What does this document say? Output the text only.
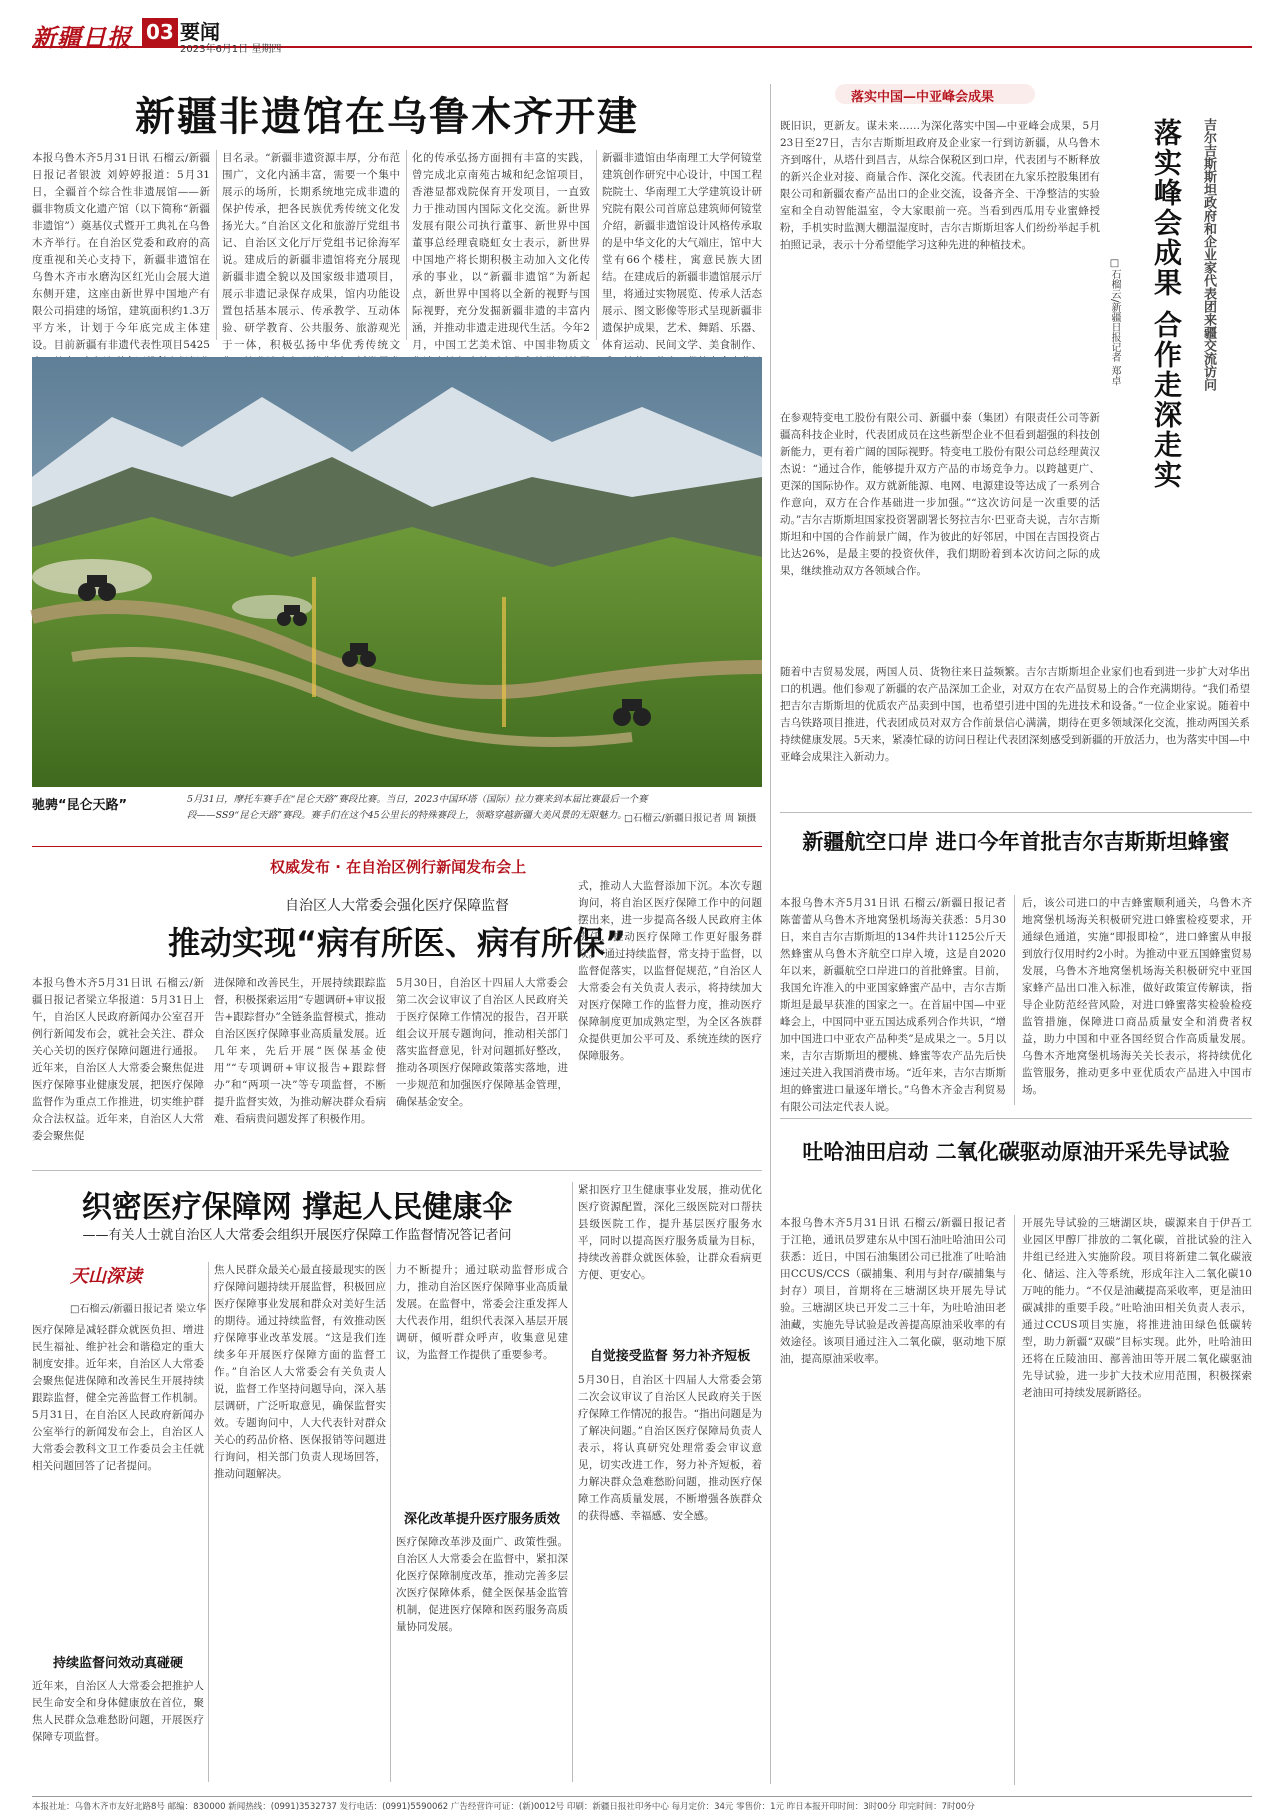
新疆日报 03 要闻
2023年6月1日 星期四
新疆非遗馆在乌鲁木齐开建
本报乌鲁木齐5月31日讯 石榴云/新疆日报记者银波 刘婷婷报道：5月31日，全疆首个综合性非遗展馆——新疆非物质文化遗产馆（以下简称“新疆非遗馆”）奠基仪式暨开工典礼在乌鲁木齐举行。在自治区党委和政府的高度重视和关心支持下，新疆非遗馆在乌鲁木齐市水磨沟区红光山会展大道东侧开建，这座由新世界中国地产有限公司捐建的场馆，建筑面积约1.3万平方米，计划于今年底完成主体建设。目前新疆有非遗代表性项目5425
目名录。“新疆非遗资源丰厚，分布范围广，文化内涵丰富，需要一个集中展示的场所，长期系统地完成非遗的保护传承，把各民族优秀传统文化发扬光大。”自治区文化和旅游厅党组书记、自治区文化厅厅党组书记徐海军说。建成后的新疆非遗馆将充分展现新疆非遗全貌以及国家级非遗项目，展示非遗记录保存成果，馆内功能设置包括基本展示、传承教学、互动体验、研学教育、公共服务、旅游观光于一体，积极弘扬中华优秀传统文
化的传承弘扬方面拥有丰富的实践，曾完成北京南苑古城和纪念馆项目，香港显都戏院保育开发项目，一直致力于推动国内国际文化交流。新世界发展有限公司执行董事、新世界中国董事总经理袁晓虹女士表示，新世界中国地产将长期积极主动加入文化传承的事业，以“新疆非遗馆”为新起点，新世界中国将以全新的视野与国际视野，充分发掘新疆非遗的丰富内涵，并推动非遗走进现代生活。今年2月，中国工艺美术馆、中国非物质文
新疆非遗馆由华南理工大学何镜堂建筑创作研究中心设计，中国工程院院士、华南理工大学建筑设计研究院有限公司首席总建筑师何镜堂介绍，新疆非遗馆设计风格传承取的是中华文化的大气端庄，馆中大堂有66个楼柱，寓意民族大团结。在建成后的新疆非遗馆展示厅里，将通过实物展览、传承人活态展示、图文影像等形式呈现新疆非遗保护成果，艺术、舞蹈、乐器、体育运动、民间文学、美食制作、
驰骋“昆仑天路”	5月31日，摩托车赛手在“昆仑天路”赛段比赛。当日，2023中国环塔（国际）拉力赛来到本届比赛最后一个赛段——SS9“昆仑天路”赛段。赛手们在这个45公里长的特殊赛段上，领略穿越新疆大美风景的无限魅力。
□石榴云/新疆日报记者 周 颖摄
落实中国—中亚峰会成果
吉尔吉斯斯坦政府和企业家代表团来疆交流访问
落实峰会成果 合作走深走实
□石榴云/新疆日报记者 郑卓
既旧识，更新友。谋未来……为深化落实中国—中亚峰会成果，5月23日至27日，吉尔吉斯斯坦政府及企业家一行到访新疆，从乌鲁木齐到喀什，从塔什到昌吉，从综合保税区到口岸，代表团与不断释放的新兴企业对接、商量合作、深化交流。代表团在九家乐控股集团有限公司和新疆农畜产品出口的企业交流，设备齐全、干净整洁的实验室和全自动智能温室，令大家眼前一亮。当看到西瓜用专业蜜蜂授粉，手机实时监测大棚温湿度时，吉尔吉斯斯坦客人们纷纷举起手机拍照记录，表示十分希望能学习这种先进的种植技术。
在参观特变电工股份有限公司、新疆中泰（集团）有限责任公司等新疆高科技企业时，代表团成员在这些新型企业不但看到超强的科技创新能力，更有着广阔的国际视野。特变电工股份有限公司总经理黄汉杰说：“通过合作，能够提升双方产品的市场竞争力。以跨越更广、更深的国际协作。双方就新能源、电网、电源建设等达成了一系列合作意向，双方在合作基础进一步加强。”“这次访问是一次重要的活动。”吉尔吉斯斯坦国家投资署副署长努拉吉尔·巴亚奇夫说，吉尔吉斯斯坦和中国的合作前景广阔，作为彼此的好邻居，中国在吉国投资占比达26%，是最主要的投资伙伴，我们期盼着到本次访问之际的成果，继续推动双方各领域合作。
随着中吉贸易发展，两国人员、货物往来日益频繁。吉尔吉斯斯坦企业家们也看到进一步扩大对华出口的机遇。他们参观了新疆的农产品深加工企业，对双方在农产品贸易上的合作充满期待。“我们希望把吉尔吉斯斯坦的优质农产品卖到中国，也希望引进中国的先进技术和设备。”一位企业家说。随着中吉乌铁路项目推进，代表团成员对双方合作前景信心满满，期待在更多领域深化交流，推动两国关系持续健康发展。5天来，紧凑忙碌的访问日程让代表团深刻感受到新疆的开放活力，也为落实中国—中亚峰会成果注入新动力。
新疆航空口岸 进口今年首批吉尔吉斯斯坦蜂蜜
本报乌鲁木齐5月31日讯 石榴云/新疆日报记者陈蕾蕾从乌鲁木齐地窝堡机场海关获悉：5月30日，来自吉尔吉斯斯坦的134件共计1125公斤天然蜂蜜从乌鲁木齐航空口岸入境，这是自2020年以来，新疆航空口岸进口的首批蜂蜜。目前，我国允许准入的中亚国家蜂蜜产品中，吉尔吉斯斯坦是最早获准的国家之一。在首届中国—中亚峰会上，中国同中亚五国达成系列合作共识，“增加中国进口中亚农产品种类”是成果之一。5月以来，吉尔吉斯斯坦的樱桃、蜂蜜等农产品先后快速过关进入我国消费市场。“近年来，吉尔吉斯斯坦的蜂蜜进口量逐年增长。”乌鲁木齐金吉利贸易有限公司法定代表人说。
后，该公司进口的中吉蜂蜜顺利通关，乌鲁木齐地窝堡机场海关积极研究进口蜂蜜检疫要求，开通绿色通道，实施“即报即检”，进口蜂蜜从申报到放行仅用时约2小时。为推动中亚五国蜂蜜贸易发展，乌鲁木齐地窝堡机场海关积极研究中亚国家蜂产品出口准入标准，做好政策宣传解读，指导企业防范经营风险，对进口蜂蜜落实检验检疫监管措施，保障进口商品质量安全和消费者权益，助力中国和中亚各国经贸合作高质量发展。乌鲁木齐地窝堡机场海关关长表示，将持续优化监管服务，推动更多中亚优质农产品进入中国市场。
吐哈油田启动 二氧化碳驱动原油开采先导试验
本报乌鲁木齐5月31日讯 石榴云/新疆日报记者于江艳，通讯员罗建东从中国石油吐哈油田公司获悉：近日，中国石油集团公司已批准了吐哈油田CCUS/CCS（碳捕集、利用与封存/碳捕集与封存）项目，首期将在三塘湖区块开展先导试验。三塘湖区块已开发二三十年，为吐哈油田老油藏，实施先导试验是改善提高原油采收率的有效途径。该项目通过注入二氧化碳，驱动地下原油，提高原油采收率。
开展先导试验的三塘湖区块，碳源来自于伊吾工业园区甲醇厂排放的二氧化碳，首批试验的注入井组已经进入实施阶段。项目将新建二氧化碳液化、储运、注入等系统，形成年注入二氧化碳10万吨的能力。“不仅是油藏提高采收率，更是油田碳减排的重要手段。”吐哈油田相关负责人表示，通过CCUS项目实施，将推进油田绿色低碳转型，助力新疆“双碳”目标实现。此外，吐哈油田还将在丘陵油田、鄯善油田等开展二氧化碳驱油先导试验，进一步扩大技术应用范围，积极探索老油田可持续发展新路径。
权威发布 · 在自治区例行新闻发布会上
自治区人大常委会强化医疗保障监督
推动实现“病有所医、病有所保”
本报乌鲁木齐5月31日讯 石榴云/新疆日报记者梁立华报道：5月31日上午，自治区人民政府新闻办公室召开例行新闻发布会，就社会关注、群众关心关切的医疗保障问题进行通报。近年来，自治区人大常委会聚焦促进医疗保障事业健康发展，把医疗保障监督作为重点工作推进，切实维护群众合法权益。近年来，自治区人大常委会聚焦促
进保障和改善民生，开展持续跟踪监督，积极探索运用“专题调研+审议报告+跟踪督办”全链条监督模式，推动自治区医疗保障事业高质量发展。近几年来，先后开展“医保基金使用”“专项调研+审议报告+跟踪督办”和“两项一决”等专项监督，不断提升监督实效，为推动解决群众看病难、看病贵问题发挥了积极作用。
5月30日，自治区十四届人大常委会第二次会议审议了自治区人民政府关于医疗保障工作情况的报告，召开联组会议开展专题询问，推动相关部门落实监督意见，针对问题抓好整改，推动各项医疗保障政策落实落地，进一步规范和加强医疗保障基金管理，确保基金安全。
式，推动人大监督添加下沉。本次专题询问，将自治区医疗保障工作中的问题摆出来，进一步提高各级人民政府主体责任，推动医疗保障工作更好服务群众。“通过持续监督，常支持于监督，以监督促落实，以监督促规范，”自治区人大常委会有关负责人表示，将持续加大对医疗保障工作的监督力度，推动医疗保障制度更加成熟定型，为全区各族群众提供更加公平可及、系统连续的医疗保障服务。
织密医疗保障网 撑起人民健康伞
——有关人士就自治区人大常委会组织开展医疗保障工作监督情况答记者问
天山深读
□石榴云/新疆日报记者 梁立华
医疗保障是减轻群众就医负担、增进民生福祉、维护社会和谐稳定的重大制度安排。近年来，自治区人大常委会聚焦促进保障和改善民生开展持续跟踪监督，健全完善监督工作机制。5月31日，在自治区人民政府新闻办公室举行的新闻发布会上，自治区人大常委会教科文卫工作委员会主任就相关问题回答了记者提问。
持续监督问效动真碰硬
近年来，自治区人大常委会把推护人民生命安全和身体健康放在首位，聚焦人民群众急难愁盼问题，开展医疗保障专项监督。
焦人民群众最关心最直接最现实的医疗保障问题持续开展监督，积极回应医疗保障事业发展和群众对美好生活的期待。通过持续监督，有效推动医疗保障事业改革发展。“这是我们连续多年开展医疗保障方面的监督工作。”自治区人大常委会有关负责人说，监督工作坚持问题导向，深入基层调研，广泛听取意见，确保监督实效。专题询问中，人大代表针对群众关心的药品价格、医保报销等问题进行询问，相关部门负责人现场回答，推动问题解决。
力不断提升；通过联动监督形成合力，推动自治区医疗保障事业高质量发展。在监督中，常委会注重发挥人大代表作用，组织代表深入基层开展调研，倾听群众呼声，收集意见建议，为监督工作提供了重要参考。
深化改革提升医疗服务质效
医疗保障改革涉及面广、政策性强。自治区人大常委会在监督中，紧扣深化医疗保障制度改革，推动完善多层次医疗保障体系，健全医保基金监管机制，促进医疗保障和医药服务高质量协同发展。
紧扣医疗卫生健康事业发展，推动优化医疗资源配置，深化三级医院对口帮扶县级医院工作，提升基层医疗服务水平，同时以提高医疗服务质量为目标，持续改善群众就医体验，让群众看病更方便、更安心。
自觉接受监督 努力补齐短板
5月30日，自治区十四届人大常委会第二次会议审议了自治区人民政府关于医疗保障工作情况的报告。“指出问题是为了解决问题。”自治区医疗保障局负责人表示，将认真研究处理常委会审议意见，切实改进工作，努力补齐短板，着力解决群众急难愁盼问题，推动医疗保障工作高质量发展，不断增强各族群众的获得感、幸福感、安全感。
本报社址：乌鲁木齐市友好北路8号 邮编：830000 新闻热线：(0991)3532737 发行电话：(0991)5590062 广告经营许可证：(新)0012号 印刷：新疆日报社印务中心 每月定价：34元 零售价：1元 昨日本报开印时间：3时00分 印完时间：7时00分
